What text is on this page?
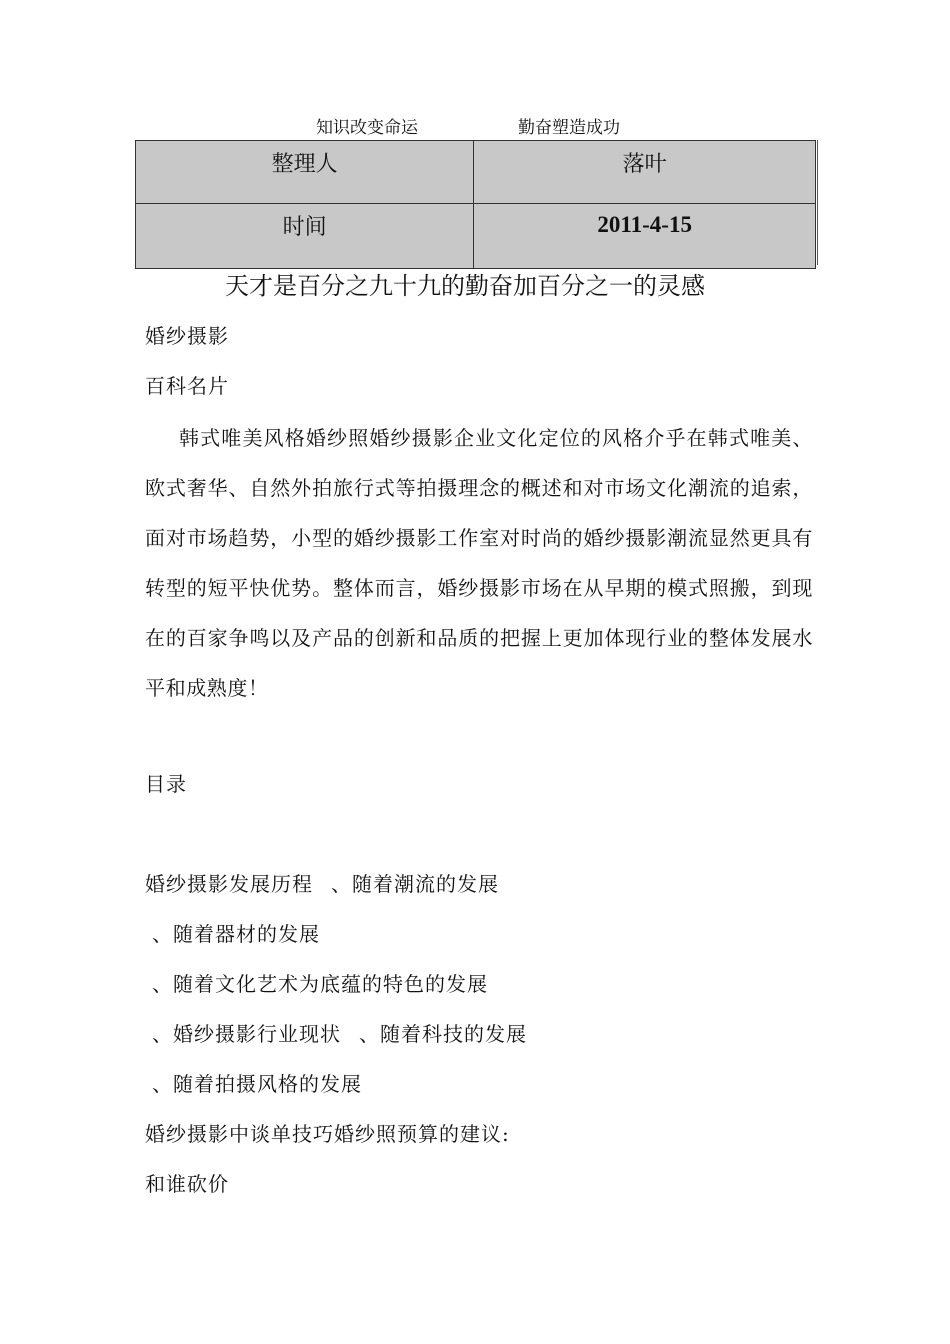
知识改变命运	勤奋塑造成功
整理人	落叶
时间	2011-4-15
天才是百分之九十九的勤奋加百分之一的灵感
婚纱摄影
百科名片
韩式唯美风格婚纱照婚纱摄影企业文化定位的风格介乎在韩式唯美、欧式奢华、自然外拍旅行式等拍摄理念的概述和对市场文化潮流的追索，面对市场趋势，小型的婚纱摄影工作室对时尚的婚纱摄影潮流显然更具有转型的短平快优势。整体而言，婚纱摄影市场在从早期的模式照搬，到现在的百家争鸣以及产品的创新和品质的把握上更加体现行业的整体发展水平和成熟度！
目录
婚纱摄影发展历程 、随着潮流的发展
、随着器材的发展
、随着文化艺术为底蕴的特色的发展
、婚纱摄影行业现状 、随着科技的发展
、随着拍摄风格的发展
婚纱摄影中谈单技巧婚纱照预算的建议:
和谁砍价
